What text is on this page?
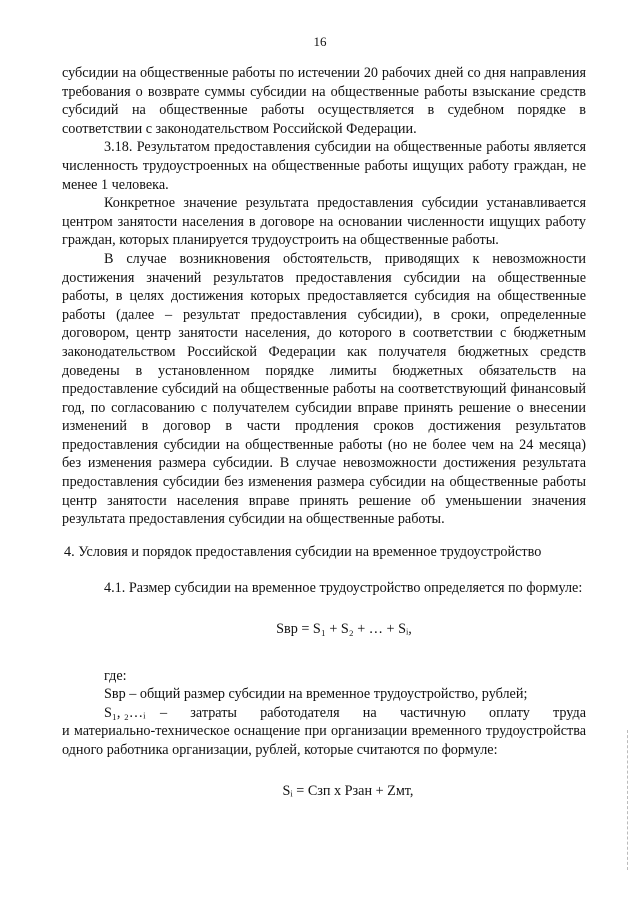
16

субсидии на общественные работы по истечении 20 рабочих дней со дня направления требования о возврате суммы субсидии на общественные работы взыскание средств субсидий на общественные работы осуществляется в судебном порядке в соответствии с законодательством Российской Федерации.

3.18. Результатом предоставления субсидии на общественные работы является численность трудоустроенных на общественные работы ищущих работу граждан, не менее 1 человека.

Конкретное значение результата предоставления субсидии устанавливается центром занятости населения в договоре на основании численности ищущих работу граждан, которых планируется трудоустроить на общественные работы.

В случае возникновения обстоятельств, приводящих к невозможности достижения значений результатов предоставления субсидии на общественные работы, в целях достижения которых предоставляется субсидия на общественные работы (далее – результат предоставления субсидии), в сроки, определенные договором, центр занятости населения, до которого в соответствии с бюджетным законодательством Российской Федерации как получателя бюджетных средств доведены в установленном порядке лимиты бюджетных обязательств на предоставление субсидий на общественные работы на соответствующий финансовый год, по согласованию с получателем субсидии вправе принять решение о внесении изменений в договор в части продления сроков достижения результатов предоставления субсидии на общественные работы (но не более чем на 24 месяца) без изменения размера субсидии. В случае невозможности достижения результата предоставления субсидии без изменения размера субсидии на общественные работы центр занятости населения вправе принять решение об уменьшении значения результата предоставления субсидии на общественные работы.

4. Условия и порядок предоставления субсидии на временное трудоустройство

4.1. Размер субсидии на временное трудоустройство определяется по формуле:

Sвр = S₁ + S₂ + … + Sᵢ,

где:

Sвр – общий размер субсидии на временное трудоустройство, рублей;

S₁, ₂…ᵢ	– затраты работодателя на частичную оплату труда

и материально-техническое оснащение при организации временного трудоустройства одного работника организации, рублей, которые считаются по формуле:

Sᵢ = Сзп х Рзан + Zмт,
